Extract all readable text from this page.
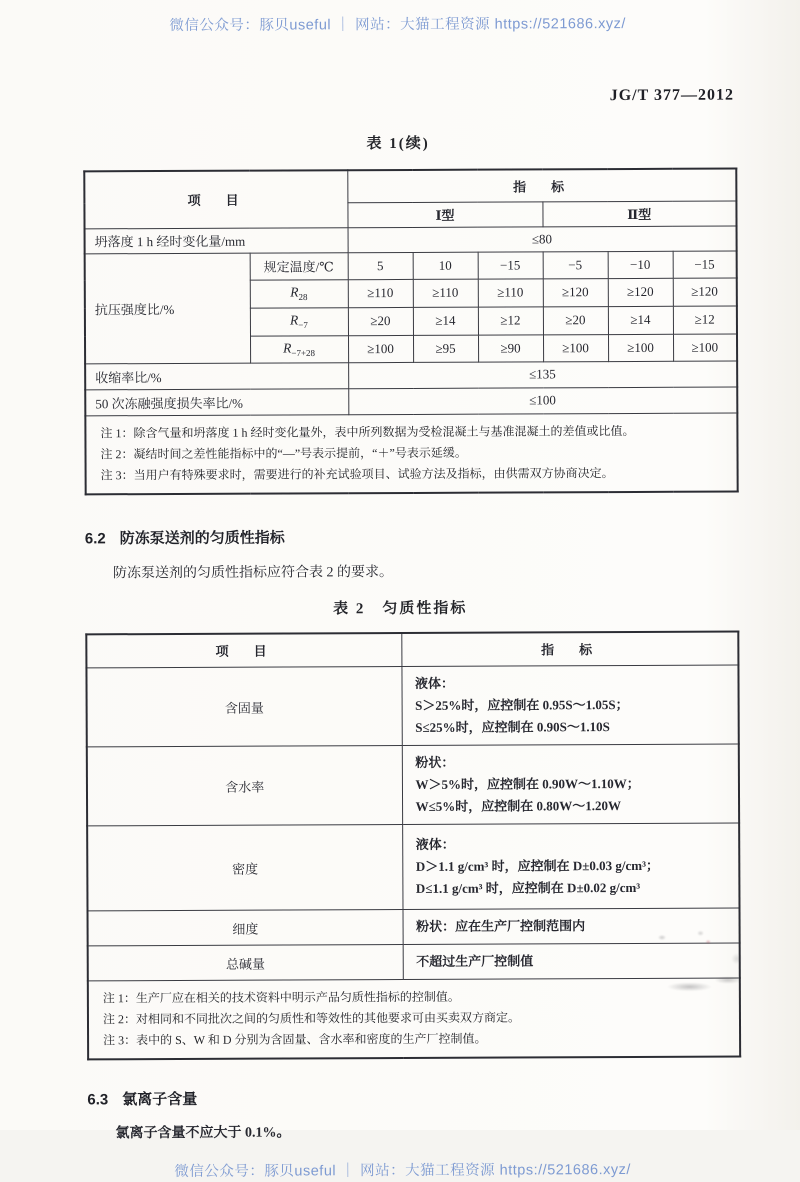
微信公众号：豚贝useful ｜ 网站：大猫工程资源 https://521686.xyz/
JG/T 377—2012
表 1(续)
项　目		指　标					
		Ⅰ型			Ⅱ型		
坍落度 1 h 经时变化量/mm		≤80					
抗压强度比/%	规定温度/℃	5	10	−15	−5	−10	−15
	$R_{28}$	≥110	≥110	≥110	≥120	≥120	≥120
	$R_{-7}$	≥20	≥14	≥12	≥20	≥14	≥12
	$R_{-7+28}$	≥100	≥95	≥90	≥100	≥100	≥100
收缩率比/%		≤135					
50 次冻融强度损失率比/%		≤100					

注 1：除含气量和坍落度 1 h 经时变化量外，表中所列数据为受检混凝土与基准混凝土的差值或比值。
注 2：凝结时间之差性能指标中的“—”号表示提前，“＋”号表示延缓。
注 3：当用户有特殊要求时，需要进行的补充试验项目、试验方法及指标，由供需双方协商决定。							
6.2 防冻泵送剂的匀质性指标
防冻泵送剂的匀质性指标应符合表 2 的要求。
表 2　匀质性指标
项　目	指　标
含固量	液体：
S＞25%时，应控制在 0.95S～1.05S；
S≤25%时，应控制在 0.90S～1.10S

含水率	粉状：
W＞5%时，应控制在 0.90W～1.10W；
W≤5%时，应控制在 0.80W～1.20W

密度	液体：
D＞1.1 g/cm³ 时，应控制在 D±0.03 g/cm³；
D≤1.1 g/cm³ 时，应控制在 D±0.02 g/cm³

细度	粉状：应在生产厂控制范围内

总碱量	不超过生产厂控制值

注 1：生产厂应在相关的技术资料中明示产品匀质性指标的控制值。
注 2：对相同和不同批次之间的匀质性和等效性的其他要求可由买卖双方商定。
注 3：表中的 S、W 和 D 分别为含固量、含水率和密度的生产厂控制值。	
6.3 氯离子含量
氯离子含量不应大于 0.1%。
微信公众号：豚贝useful ｜ 网站：大猫工程资源 https://521686.xyz/
